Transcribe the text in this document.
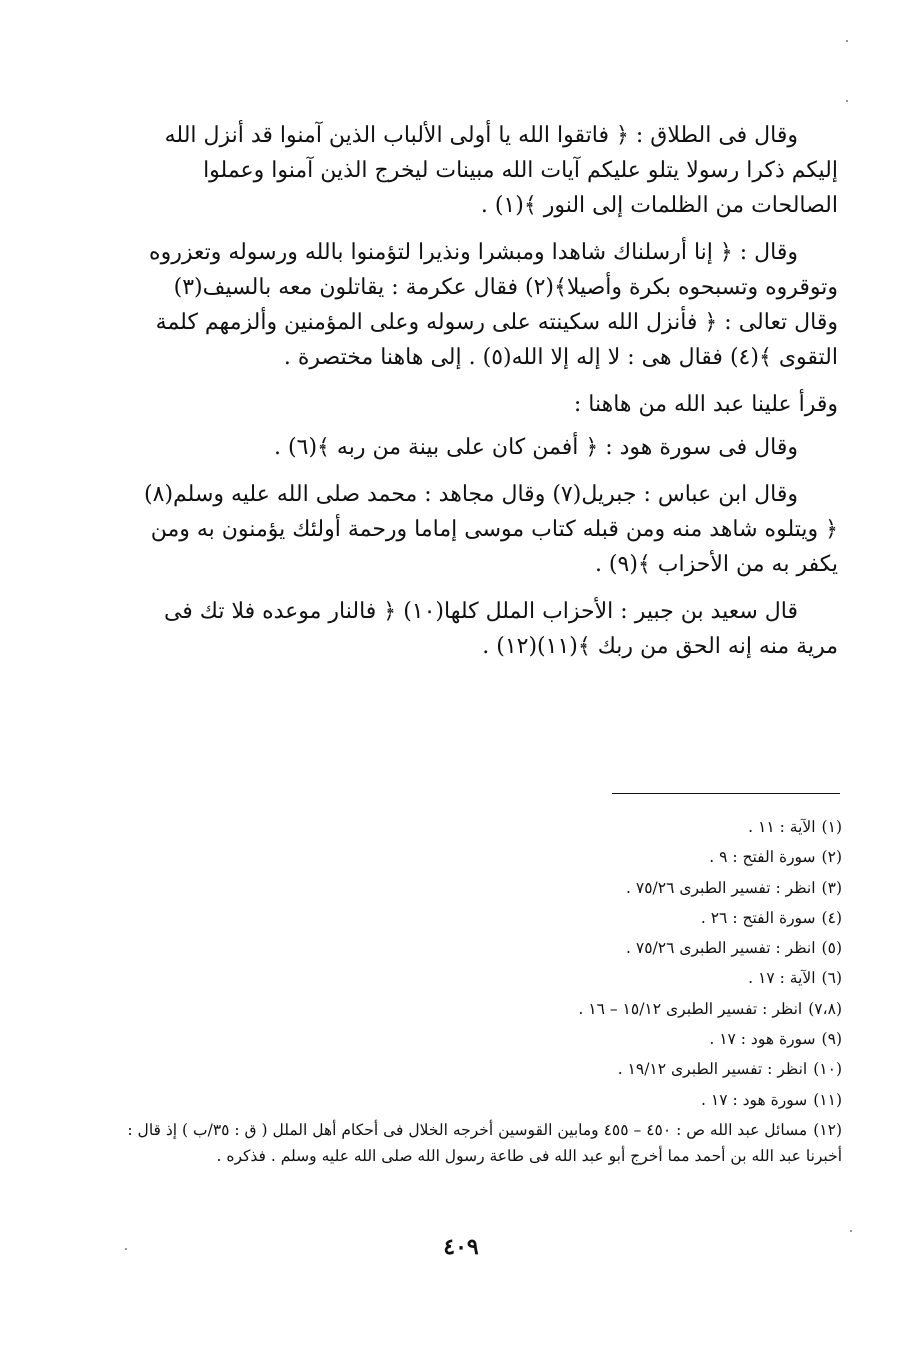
وقال فى الطلاق : ﴿ فاتقوا الله يا أولى الألباب الذين آمنوا قد أنزل الله

إليكم ذكرا رسولا يتلو عليكم آيات الله مبينات ليخرج الذين آمنوا وعملوا

الصالحات من الظلمات إلى النور ﴾(١) .

وقال : ﴿ إنا أرسلناك شاهدا ومبشرا ونذيرا لتؤمنوا بالله ورسوله وتعزروه

وتوقروه وتسبحوه بكرة وأصيلا﴾(٢) فقال عكرمة : يقاتلون معه بالسيف(٣)

وقال تعالى : ﴿ فأنزل الله سكينته على رسوله وعلى المؤمنين وألزمهم كلمة

التقوى ﴾(٤) فقال هى : لا إله إلا الله(٥) . إلى هاهنا مختصرة .

وقرأ علينا عبد الله من هاهنا :

وقال فى سورة هود : ﴿ أفمن كان على بينة من ربه ﴾(٦) .

وقال ابن عباس : جبريل(٧) وقال مجاهد : محمد صلى الله عليه وسلم(٨)

﴿ ويتلوه شاهد منه ومن قبله كتاب موسى إماما ورحمة أولئك يؤمنون به ومن

يكفر به من الأحزاب ﴾(٩) .

قال سعيد بن جبير : الأحزاب الملل كلها(١٠) ﴿ فالنار موعده فلا تك فى

مرية منه إنه الحق من ربك ﴾(١١)(١٢) .

(١)الآية : ١١ .

(٢)سورة الفتح : ٩ .

(٣)انظر : تفسير الطبرى ٧٥/٢٦ .

(٤)سورة الفتح : ٢٦ .

(٥)انظر : تفسير الطبرى ٧٥/٢٦ .

(٦)الآية : ١٧ .

(٧،٨)انظر : تفسير الطبرى ١٥/١٢ – ١٦ .

(٩)سورة هود : ١٧ .

(١٠)انظر : تفسير الطبرى ١٩/١٢ .

(١١)سورة هود : ١٧ .

(١٢)مسائل عبد الله ص : ٤٥٠ – ٤٥٥ ومابين القوسين أخرجه الخلال فى أحكام أهل الملل ( ق : ٣٥/ب ) إذ قال : أخبرنا عبد الله بن أحمد مما أخرج أبو عبد الله فى طاعة رسول الله صلى الله عليه وسلم . فذكره .

٤٠٩
